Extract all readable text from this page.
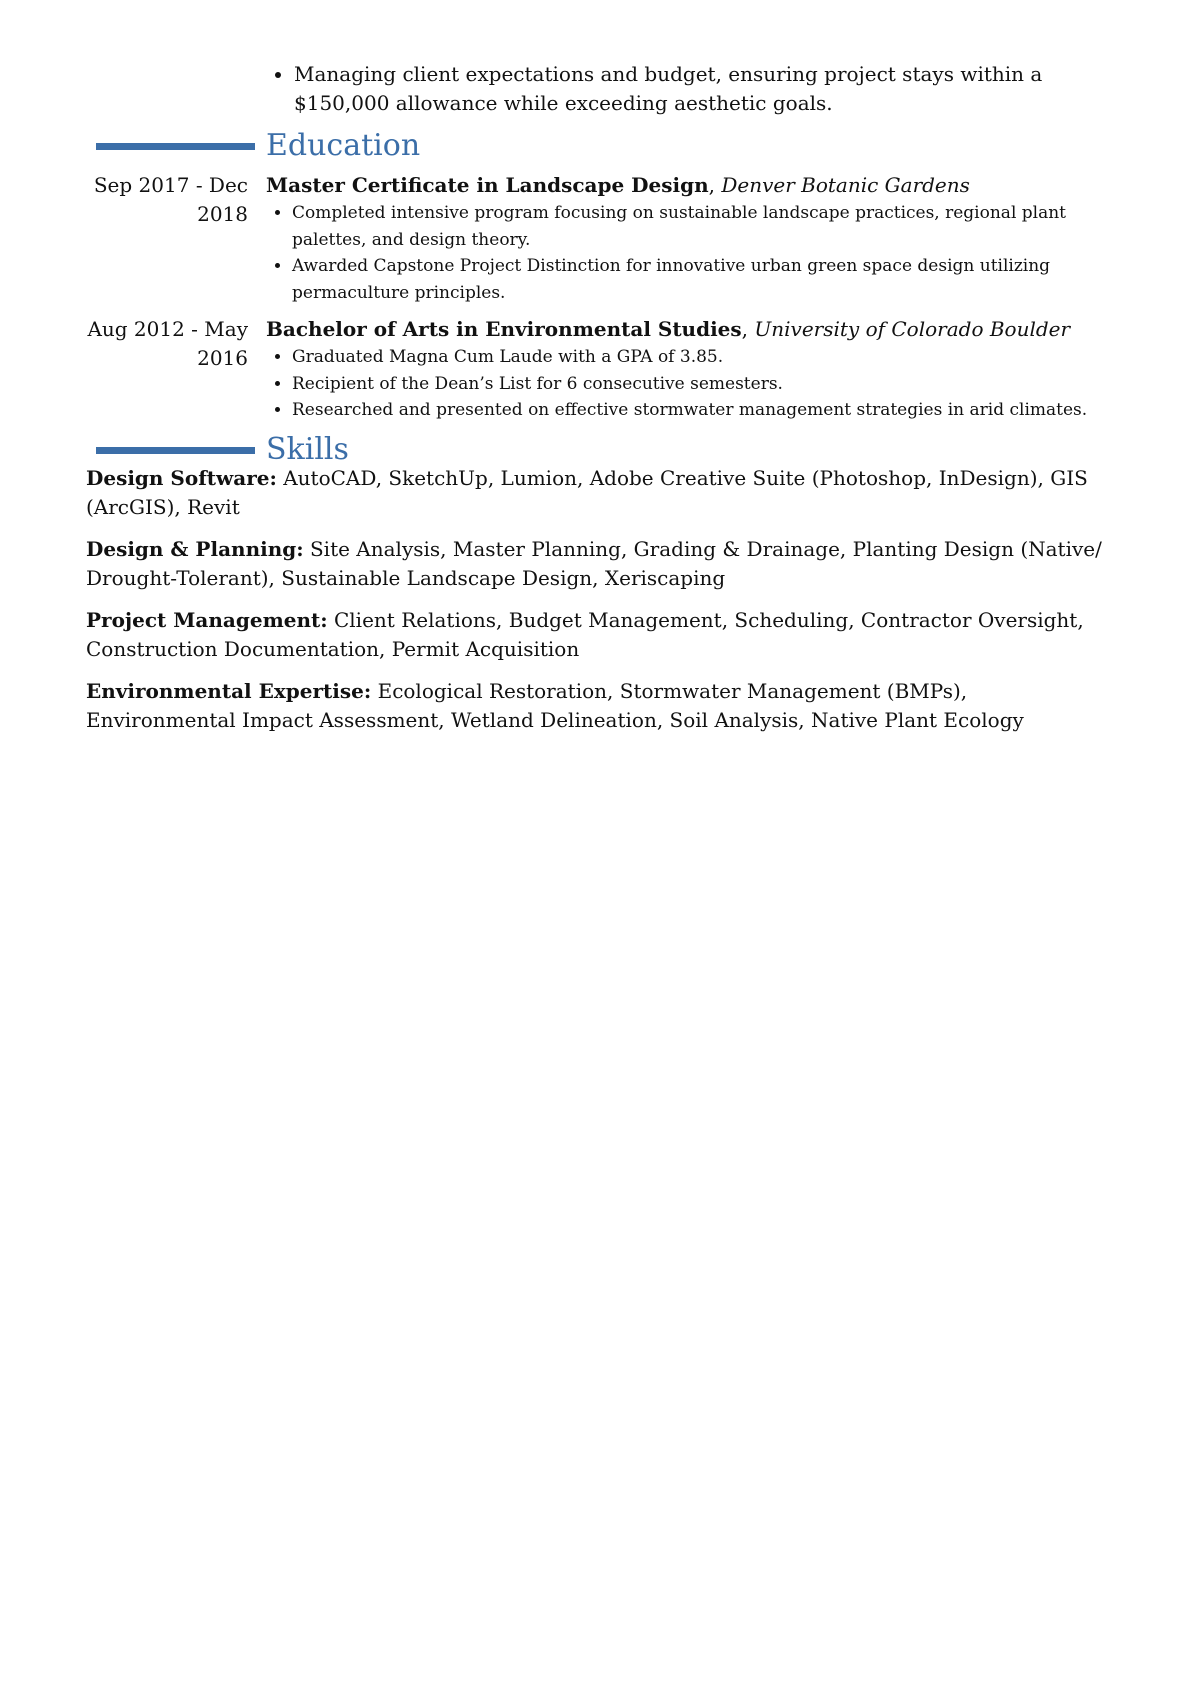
• Managing client expectations and budget, ensuring project stays within a $150,000 allowance while exceeding aesthetic goals.
Education
Sep 2017 - Dec 2018

Master Certificate in Landscape Design, Denver Botanic Gardens

• Completed intensive program focusing on sustainable landscape practices, regional plant palettes, and design theory.
• Awarded Capstone Project Distinction for innovative urban green space design utilizing permaculture principles.
Aug 2012 - May 2016

Bachelor of Arts in Environmental Studies, University of Colorado Boulder

• Graduated Magna Cum Laude with a GPA of 3.85.
• Recipient of the Dean’s List for 6 consecutive semesters.
• Researched and presented on effective stormwater management strategies in arid climates.
Skills

Design Software: AutoCAD, SketchUp, Lumion, Adobe Creative Suite (Photoshop, InDesign), GIS (ArcGIS), Revit

Design & Planning: Site Analysis, Master Planning, Grading & Drainage, Planting Design (Native/ Drought-Tolerant), Sustainable Landscape Design, Xeriscaping

Project Management: Client Relations, Budget Management, Scheduling, Contractor Oversight, Construction Documentation, Permit Acquisition

Environmental Expertise: Ecological Restoration, Stormwater Management (BMPs), Environmental Impact Assessment, Wetland Delineation, Soil Analysis, Native Plant Ecology
